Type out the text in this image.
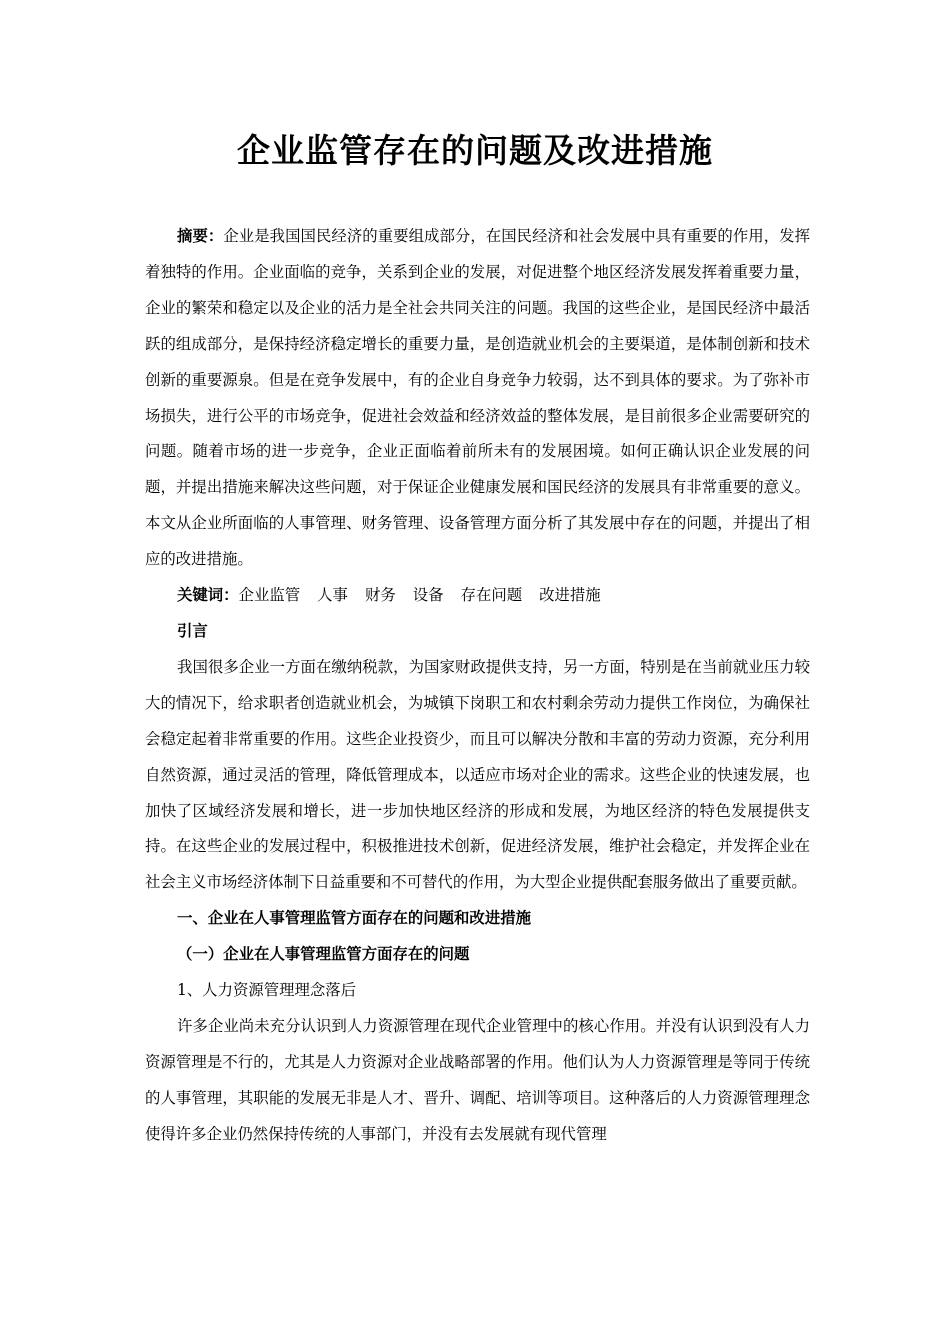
企业监管存在的问题及改进措施

摘要：企业是我国国民经济的重要组成部分，在国民经济和社会发展中具有重要的作用，发挥着独特的作用。企业面临的竞争，关系到企业的发展，对促进整个地区经济发展发挥着重要力量，企业的繁荣和稳定以及企业的活力是全社会共同关注的问题。我国的这些企业，是国民经济中最活跃的组成部分，是保持经济稳定增长的重要力量，是创造就业机会的主要渠道，是体制创新和技术创新的重要源泉。但是在竞争发展中，有的企业自身竞争力较弱，达不到具体的要求。为了弥补市场损失，进行公平的市场竞争，促进社会效益和经济效益的整体发展，是目前很多企业需要研究的问题。随着市场的进一步竞争，企业正面临着前所未有的发展困境。如何正确认识企业发展的问题，并提出措施来解决这些问题，对于保证企业健康发展和国民经济的发展具有非常重要的意义。本文从企业所面临的人事管理、财务管理、设备管理方面分析了其发展中存在的问题，并提出了相应的改进措施。

关键词：企业监管 人事 财务 设备 存在问题 改进措施

引言

我国很多企业一方面在缴纳税款，为国家财政提供支持，另一方面，特别是在当前就业压力较大的情况下，给求职者创造就业机会，为城镇下岗职工和农村剩余劳动力提供工作岗位，为确保社会稳定起着非常重要的作用。这些企业投资少，而且可以解决分散和丰富的劳动力资源，充分利用自然资源，通过灵活的管理，降低管理成本，以适应市场对企业的需求。这些企业的快速发展，也加快了区域经济发展和增长，进一步加快地区经济的形成和发展，为地区经济的特色发展提供支持。在这些企业的发展过程中，积极推进技术创新，促进经济发展，维护社会稳定，并发挥企业在社会主义市场经济体制下日益重要和不可替代的作用，为大型企业提供配套服务做出了重要贡献。

一、企业在人事管理监管方面存在的问题和改进措施

（一）企业在人事管理监管方面存在的问题

1、人力资源管理理念落后

许多企业尚未充分认识到人力资源管理在现代企业管理中的核心作用。并没有认识到没有人力资源管理是不行的，尤其是人力资源对企业战略部署的作用。他们认为人力资源管理是等同于传统的人事管理，其职能的发展无非是人才、晋升、调配、培训等项目。这种落后的人力资源管理理念使得许多企业仍然保持传统的人事部门，并没有去发展就有现代管理
